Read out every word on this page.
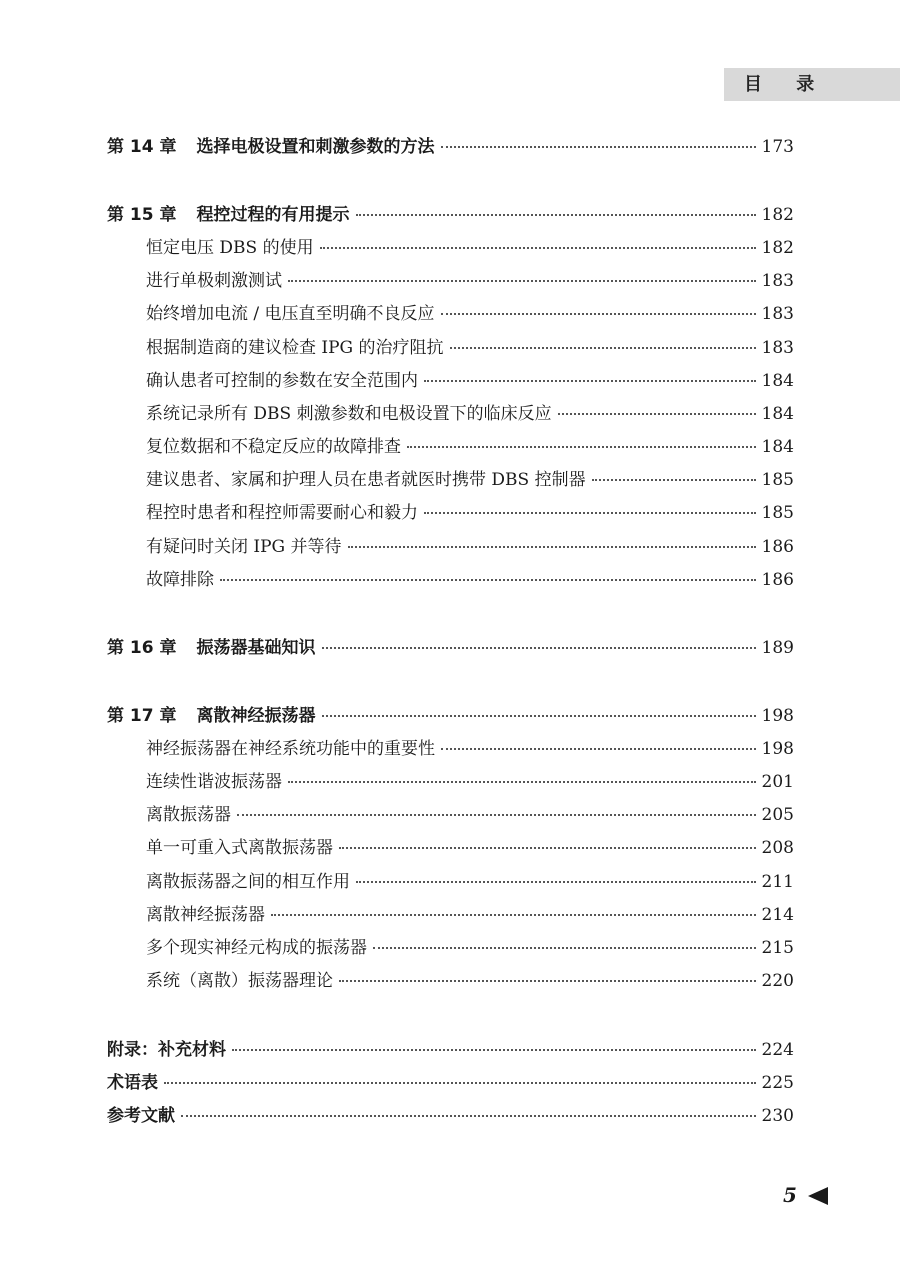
目 录
第 14 章 选择电极设置和刺激参数的方法	173
第 15 章 程控过程的有用提示	182
恒定电压 DBS 的使用	182
进行单极刺激测试	183
始终增加电流 / 电压直至明确不良反应	183
根据制造商的建议检查 IPG 的治疗阻抗	183
确认患者可控制的参数在安全范围内	184
系统记录所有 DBS 刺激参数和电极设置下的临床反应	184
复位数据和不稳定反应的故障排查	184
建议患者、家属和护理人员在患者就医时携带 DBS 控制器	185
程控时患者和程控师需要耐心和毅力	185
有疑问时关闭 IPG 并等待	186
故障排除	186
第 16 章 振荡器基础知识	189
第 17 章 离散神经振荡器	198
神经振荡器在神经系统功能中的重要性	198
连续性谐波振荡器	201
离散振荡器	205
单一可重入式离散振荡器	208
离散振荡器之间的相互作用	211
离散神经振荡器	214
多个现实神经元构成的振荡器	215
系统（离散）振荡器理论	220
附录：补充材料	224
术语表	225
参考文献	230
5
